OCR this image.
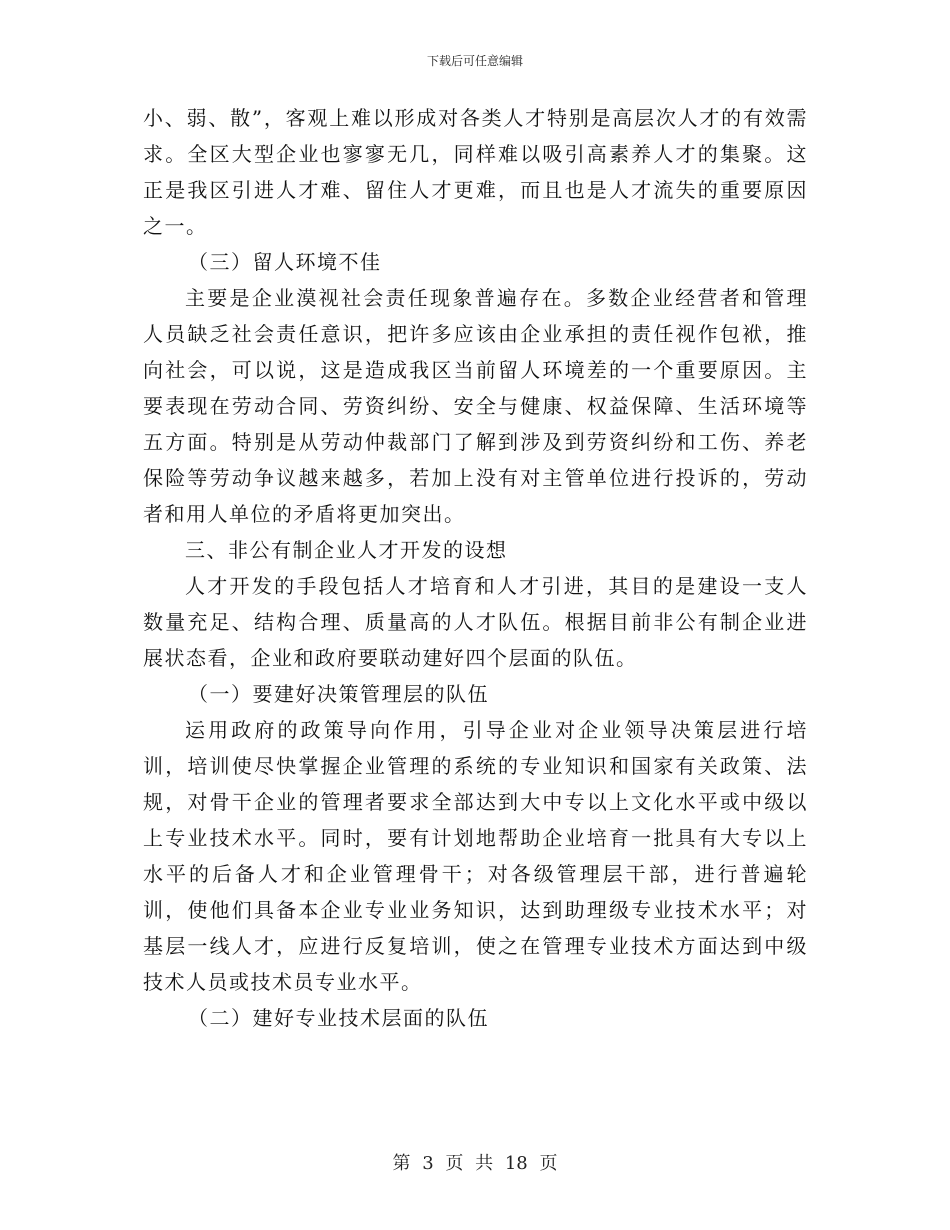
下载后可任意编辑

小、弱、散”，客观上难以形成对各类人才特别是高层次人才的有效需求。全区大型企业也寥寥无几，同样难以吸引高素养人才的集聚。这正是我区引进人才难、留住人才更难，而且也是人才流失的重要原因之一。

（三）留人环境不佳

主要是企业漠视社会责任现象普遍存在。多数企业经营者和管理人员缺乏社会责任意识，把许多应该由企业承担的责任视作包袱，推向社会，可以说，这是造成我区当前留人环境差的一个重要原因。主要表现在劳动合同、劳资纠纷、安全与健康、权益保障、生活环境等五方面。特别是从劳动仲裁部门了解到涉及到劳资纠纷和工伤、养老保险等劳动争议越来越多，若加上没有对主管单位进行投诉的，劳动者和用人单位的矛盾将更加突出。

三、非公有制企业人才开发的设想

人才开发的手段包括人才培育和人才引进，其目的是建设一支人数量充足、结构合理、质量高的人才队伍。根据目前非公有制企业进展状态看，企业和政府要联动建好四个层面的队伍。

（一）要建好决策管理层的队伍

运用政府的政策导向作用，引导企业对企业领导决策层进行培训，培训使尽快掌握企业管理的系统的专业知识和国家有关政策、法规，对骨干企业的管理者要求全部达到大中专以上文化水平或中级以上专业技术水平。同时，要有计划地帮助企业培育一批具有大专以上水平的后备人才和企业管理骨干；对各级管理层干部，进行普遍轮训，使他们具备本企业专业业务知识，达到助理级专业技术水平；对基层一线人才，应进行反复培训，使之在管理专业技术方面达到中级技术人员或技术员专业水平。

（二）建好专业技术层面的队伍

第 3 页 共 18 页
